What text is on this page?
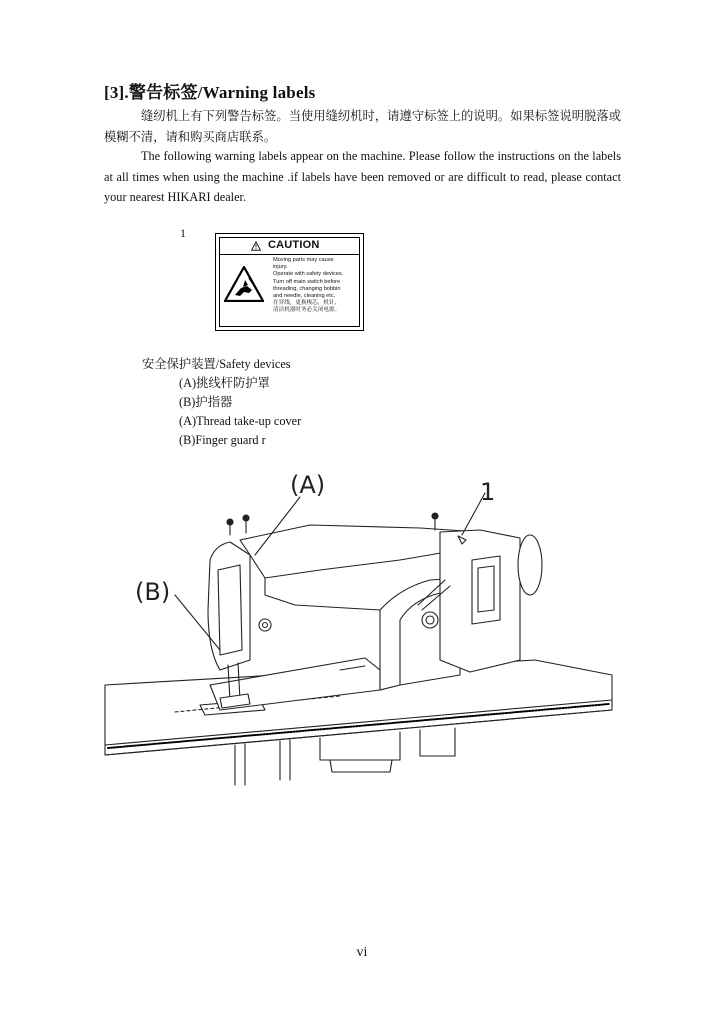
[3].警告标签/Warning labels

缝纫机上有下列警告标签。当使用缝纫机时，请遵守标签上的说明。如果标签说明脱落或模糊不清，请和购买商店联系。

The following warning labels appear on the machine. Please follow the instructions on the labels at all times when using the machine .if labels have been removed or are difficult to read, please contact your nearest HIKARI dealer.

1
CAUTION
Moving parts may cause
injury.
Operate with safety devices.
Turn off main switch before
threading, changing bobbin
and needle, cleaning etc.
在穿线，更换梭芯，机针，
清洁机器时务必关闭电源。
安全保护装置/Safety devices
(A)挑线杆防护罩
(B)护指器
(A)Thread take-up cover
(B)Finger guard r
(A)
(B)
1
vi
